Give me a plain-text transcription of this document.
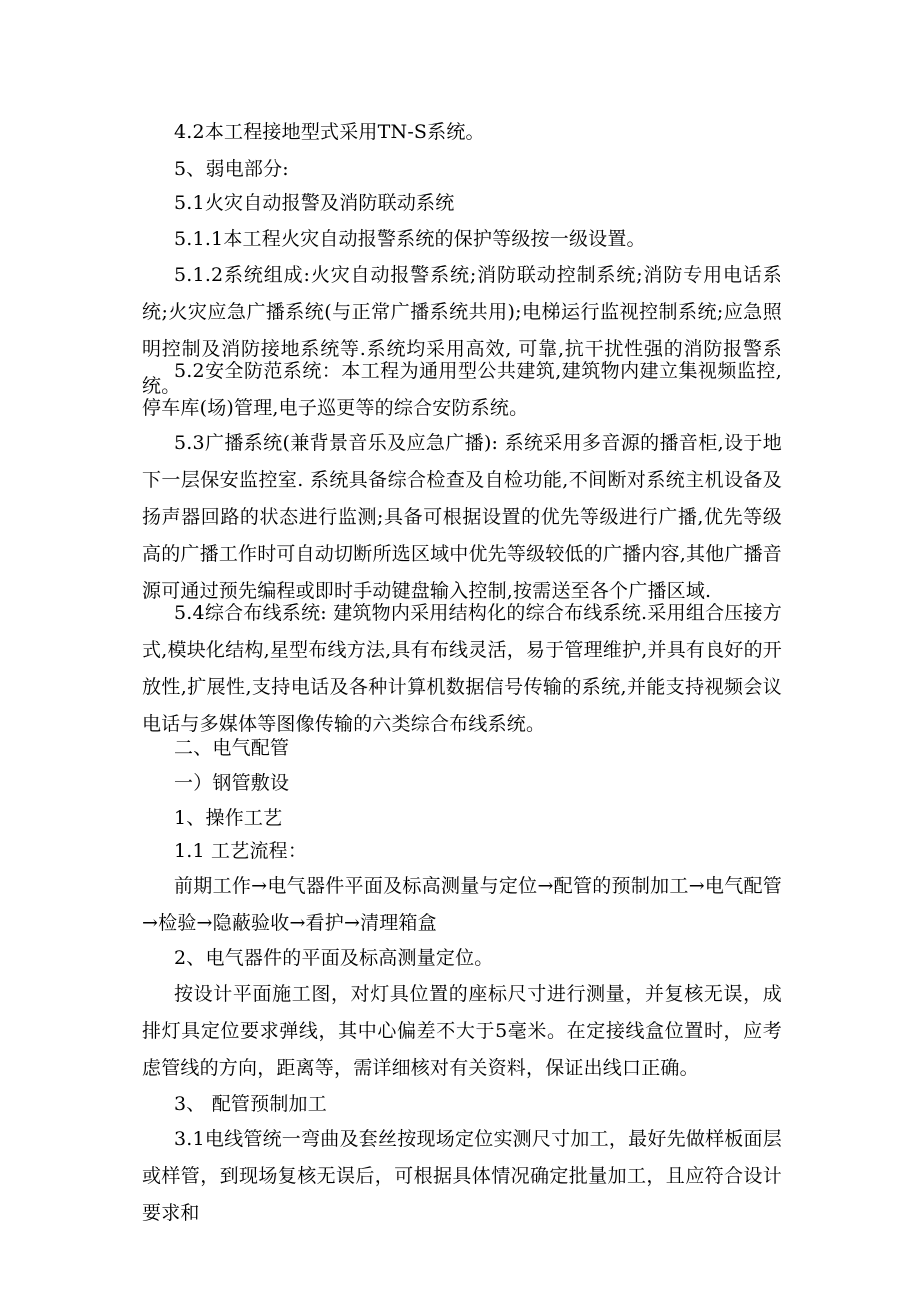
4.2本工程接地型式采用TN-S系统。

5、弱电部分:

5.1火灾自动报警及消防联动系统

5.1.1本工程火灾自动报警系统的保护等级按一级设置。

5.1.2系统组成:火灾自动报警系统;消防联动控制系统;消防专用电话系统;火灾应急广播系统(与正常广播系统共用);电梯运行监视控制系统;应急照明控制及消防接地系统等.系统均采用高效, 可靠,抗干扰性强的消防报警系统。

5.2安全防范系统：本工程为通用型公共建筑,建筑物内建立集视频监控,停车库(场)管理,电子巡更等的综合安防系统。

5.3广播系统(兼背景音乐及应急广播): 系统采用多音源的播音柜,设于地下一层保安监控室. 系统具备综合检查及自检功能,不间断对系统主机设备及扬声器回路的状态进行监测;具备可根据设置的优先等级进行广播,优先等级高的广播工作时可自动切断所选区域中优先等级较低的广播内容,其他广播音源可通过预先编程或即时手动键盘输入控制,按需送至各个广播区域.

5.4综合布线系统: 建筑物内采用结构化的综合布线系统.采用组合压接方式,模块化结构,星型布线方法,具有布线灵活，易于管理维护,并具有良好的开放性,扩展性,支持电话及各种计算机数据信号传输的系统,并能支持视频会议电话与多媒体等图像传输的六类综合布线系统。

二、电气配管

一）钢管敷设

1、操作工艺

1.1 工艺流程：

前期工作→电气器件平面及标高测量与定位→配管的预制加工→电气配管→检验→隐蔽验收→看护→清理箱盒

2、电气器件的平面及标高测量定位。

按设计平面施工图，对灯具位置的座标尺寸进行测量，并复核无误，成排灯具定位要求弹线，其中心偏差不大于5毫米。在定接线盒位置时，应考虑管线的方向，距离等，需详细核对有关资料，保证出线口正确。

3、 配管预制加工

3.1电线管统一弯曲及套丝按现场定位实测尺寸加工，最好先做样板面层或样管，到现场复核无误后，可根据具体情况确定批量加工，且应符合设计要求和
